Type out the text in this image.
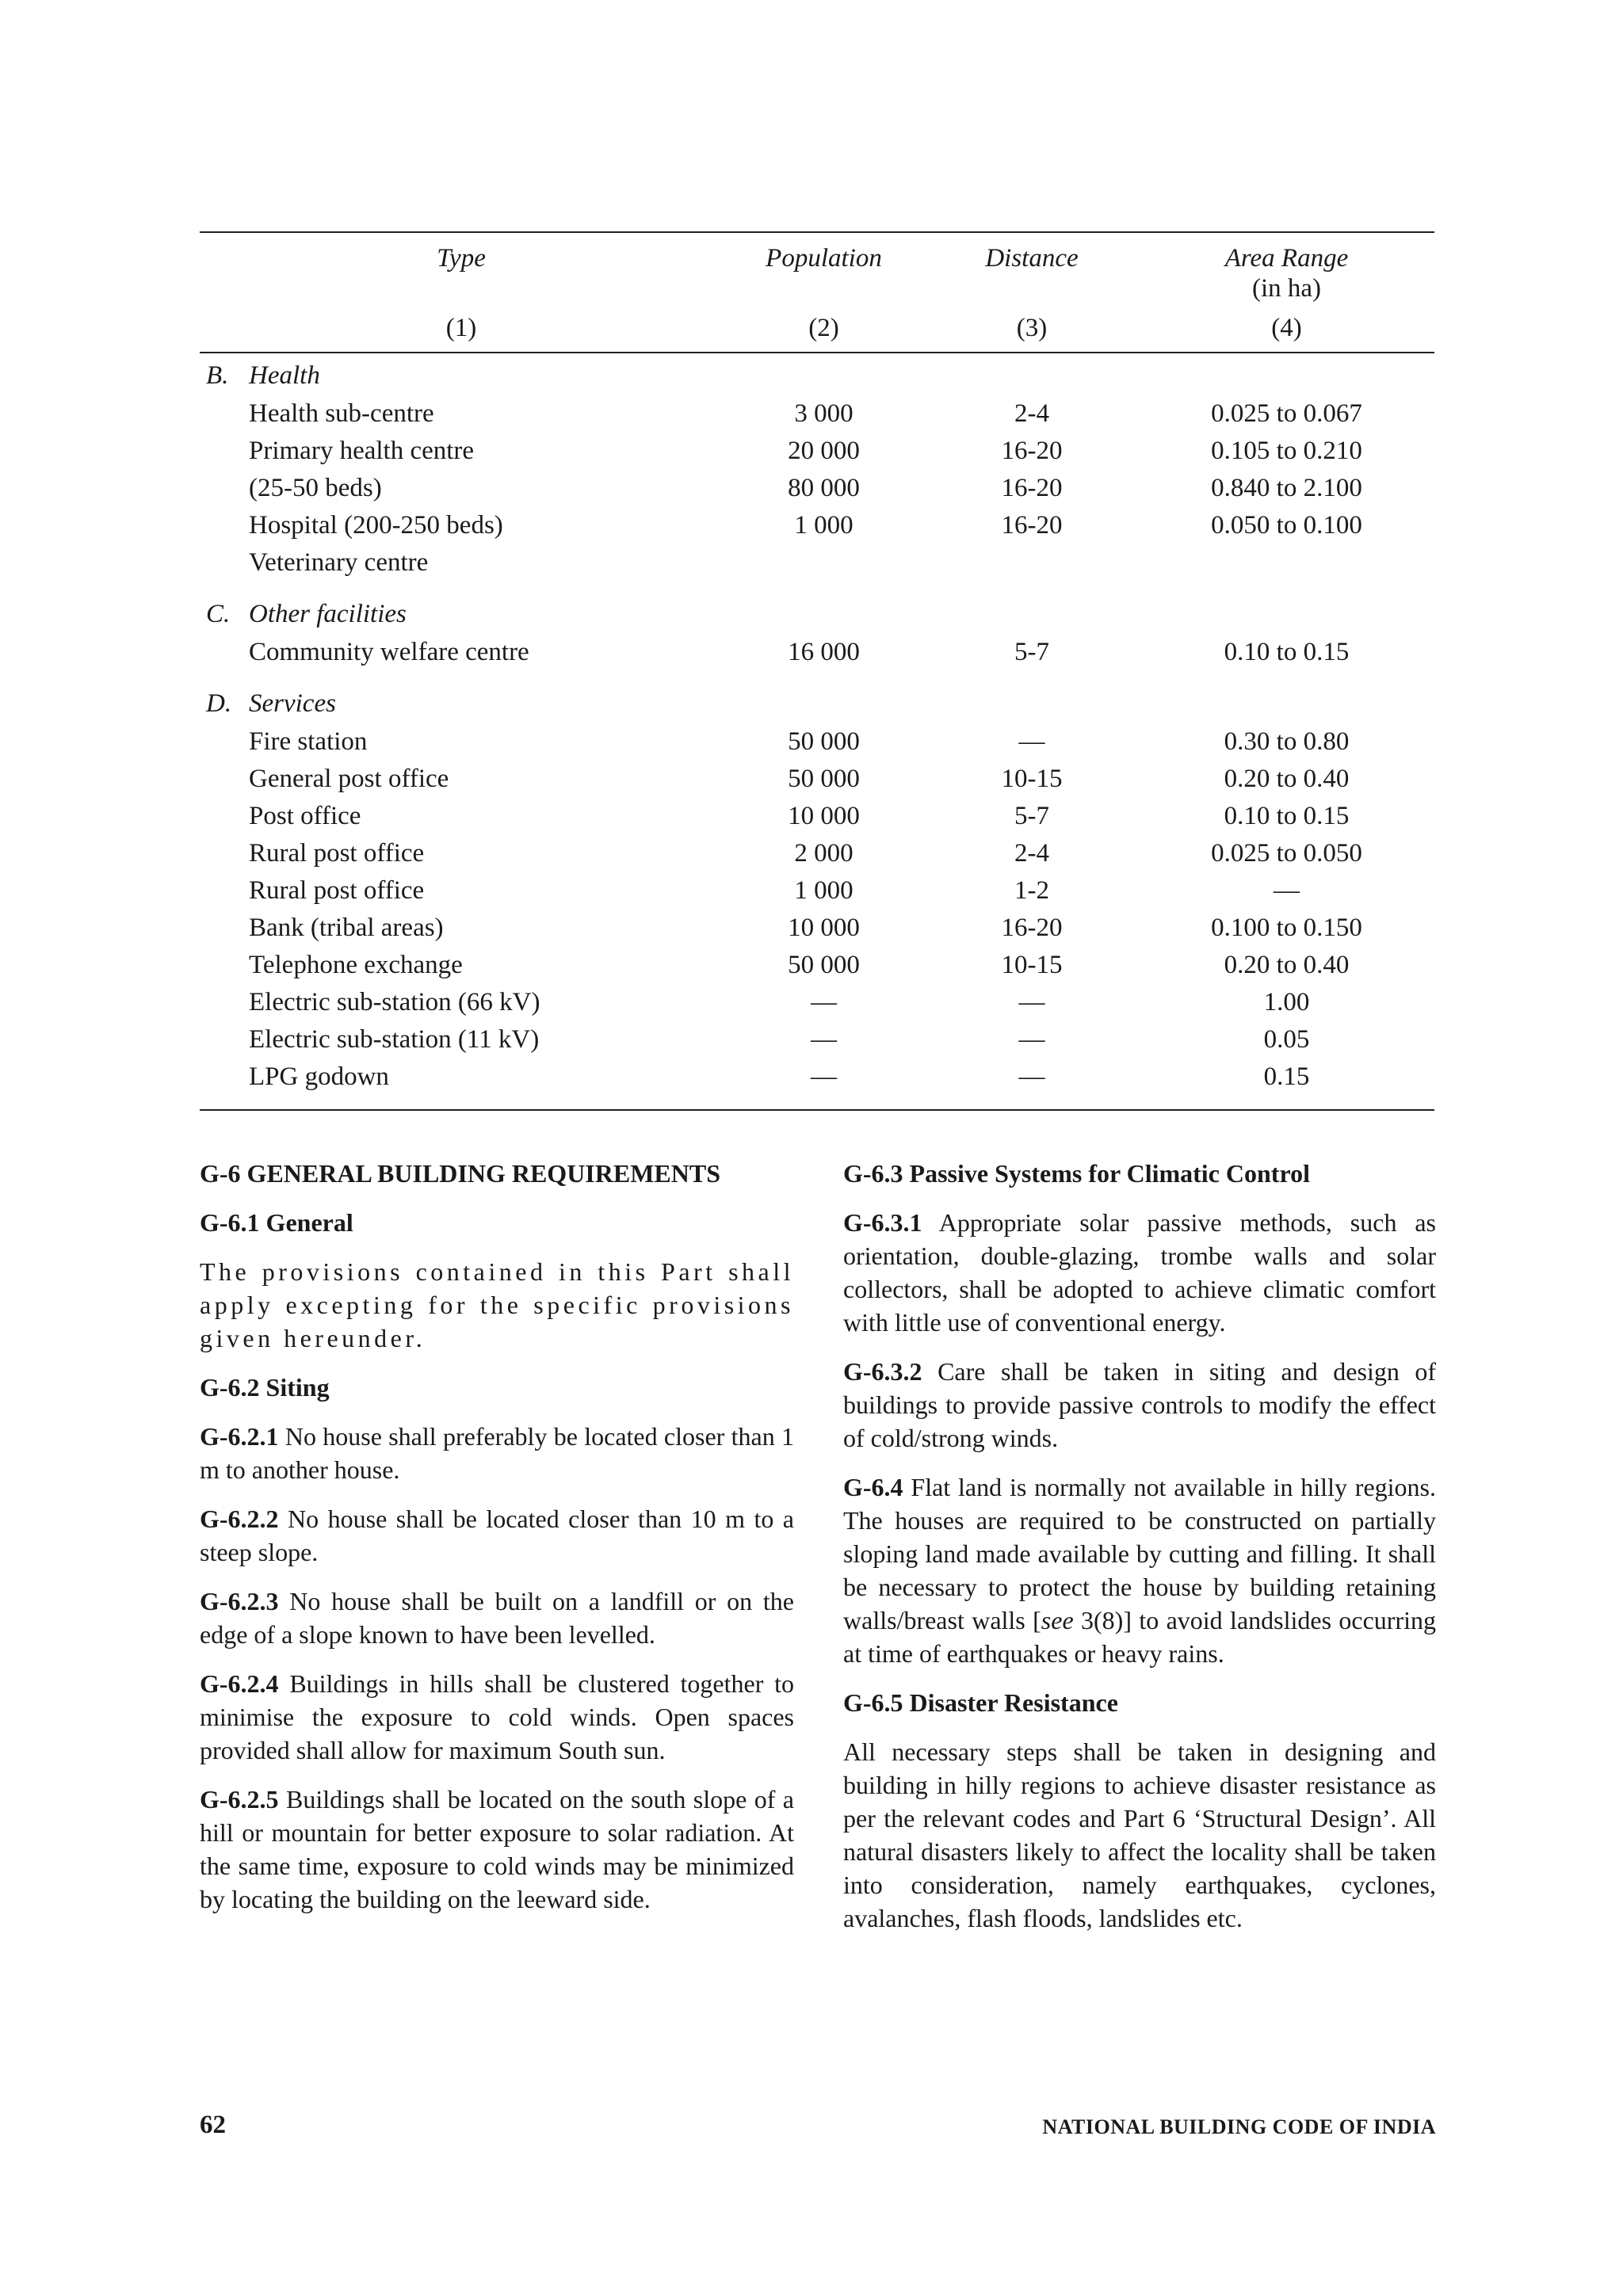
Type	Population	Distance	Area Range
(in ha)
(1)	(2)	(3)	(4)
B. Health
Health sub-centre	3 000	2-4	0.025 to 0.067
Primary health centre	20 000	16-20	0.105 to 0.210
(25-50 beds)	80 000	16-20	0.840 to 2.100
Hospital (200-250 beds)	1 000	16-20	0.050 to 0.100
Veterinary centre
C. Other facilities
Community welfare centre	16 000	5-7	0.10 to 0.15
D. Services
Fire station	50 000	—	0.30 to 0.80
General post office	50 000	10-15	0.20 to 0.40
Post office	10 000	5-7	0.10 to 0.15
Rural post office	2 000	2-4	0.025 to 0.050
Rural post office	1 000	1-2	—
Bank (tribal areas)	10 000	16-20	0.100 to 0.150
Telephone exchange	50 000	10-15	0.20 to 0.40
Electric sub-station (66 kV)	—	—	1.00
Electric sub-station (11 kV)	—	—	0.05
LPG godown	—	—	0.15
G-6 GENERAL BUILDING REQUIREMENTS
G-6.1 General

The provisions contained in this Part shall apply excepting for the specific provisions given hereunder.

G-6.2 Siting

G-6.2.1 No house shall preferably be located closer than 1 m to another house.

G-6.2.2 No house shall be located closer than 10 m to a steep slope.

G-6.2.3 No house shall be built on a landfill or on the edge of a slope known to have been levelled.

G-6.2.4 Buildings in hills shall be clustered together to minimise the exposure to cold winds. Open spaces provided shall allow for maximum South sun.

G-6.2.5 Buildings shall be located on the south slope of a hill or mountain for better exposure to solar radiation. At the same time, exposure to cold winds may be minimized by locating the building on the leeward side.

G-6.3 Passive Systems for Climatic Control

G-6.3.1 Appropriate solar passive methods, such as orientation, double-glazing, trombe walls and solar collectors, shall be adopted to achieve climatic comfort with little use of conventional energy.

G-6.3.2 Care shall be taken in siting and design of buildings to provide passive controls to modify the effect of cold/strong winds.

G-6.4 Flat land is normally not available in hilly regions. The houses are required to be constructed on partially sloping land made available by cutting and filling. It shall be necessary to protect the house by building retaining walls/breast walls [see 3(8)] to avoid landslides occurring at time of earthquakes or heavy rains.

G-6.5 Disaster Resistance

All necessary steps shall be taken in designing and building in hilly regions to achieve disaster resistance as per the relevant codes and Part 6 ‘Structural Design’. All natural disasters likely to affect the locality shall be taken into consideration, namely earthquakes, cyclones, avalanches, flash floods, landslides etc.

62	NATIONAL BUILDING CODE OF INDIA
